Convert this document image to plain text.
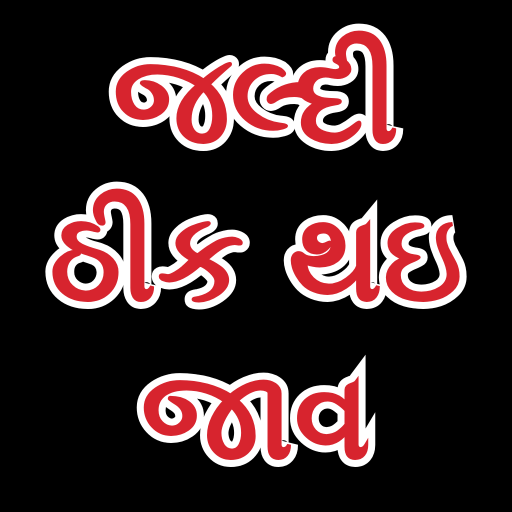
જલ્દી
ઠીક થઇ
જાવ
